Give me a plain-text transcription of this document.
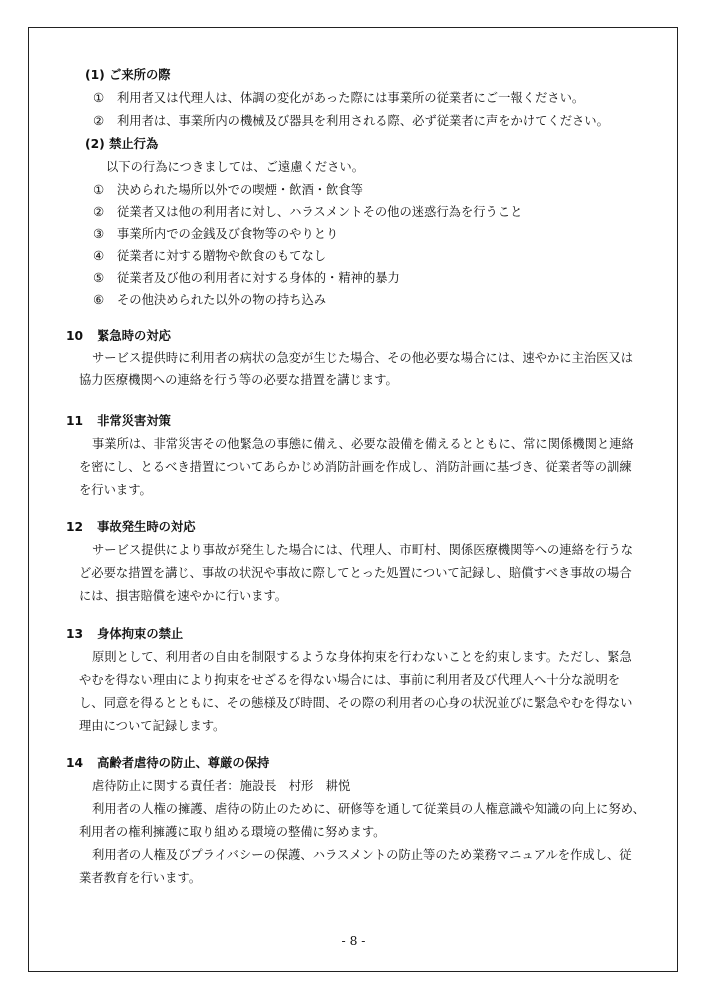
(1) ご来所の際
① 利用者又は代理人は、体調の変化があった際には事業所の従業者にご一報ください。
② 利用者は、事業所内の機械及び器具を利用される際、必ず従業者に声をかけてください。
(2) 禁止行為
以下の行為につきましては、ご遠慮ください。
① 決められた場所以外での喫煙・飲酒・飲食等
② 従業者又は他の利用者に対し、ハラスメントその他の迷惑行為を行うこと
③ 事業所内での金銭及び食物等のやりとり
④ 従業者に対する贈物や飲食のもてなし
⑤ 従業者及び他の利用者に対する身体的・精神的暴力
⑥ その他決められた以外の物の持ち込み
10 緊急時の対応
サービス提供時に利用者の病状の急変が生じた場合、その他必要な場合には、速やかに主治医又は
協力医療機関への連絡を行う等の必要な措置を講じます。
11 非常災害対策
事業所は、非常災害その他緊急の事態に備え、必要な設備を備えるとともに、常に関係機関と連絡
を密にし、とるべき措置についてあらかじめ消防計画を作成し、消防計画に基づき、従業者等の訓練
を行います。
12 事故発生時の対応
サービス提供により事故が発生した場合には、代理人、市町村、関係医療機関等への連絡を行うな
ど必要な措置を講じ、事故の状況や事故に際してとった処置について記録し、賠償すべき事故の場合
には、損害賠償を速やかに行います。
13 身体拘束の禁止
原則として、利用者の自由を制限するような身体拘束を行わないことを約束します。ただし、緊急
やむを得ない理由により拘束をせざるを得ない場合には、事前に利用者及び代理人へ十分な説明を
し、同意を得るとともに、その態様及び時間、その際の利用者の心身の状況並びに緊急やむを得ない
理由について記録します。
14 高齢者虐待の防止、尊厳の保持
虐待防止に関する責任者：施設長　村形　耕悦
利用者の人権の擁護、虐待の防止のために、研修等を通して従業員の人権意識や知識の向上に努め、
利用者の権利擁護に取り組める環境の整備に努めます。
利用者の人権及びプライバシーの保護、ハラスメントの防止等のため業務マニュアルを作成し、従
業者教育を行います。
- 8 -
